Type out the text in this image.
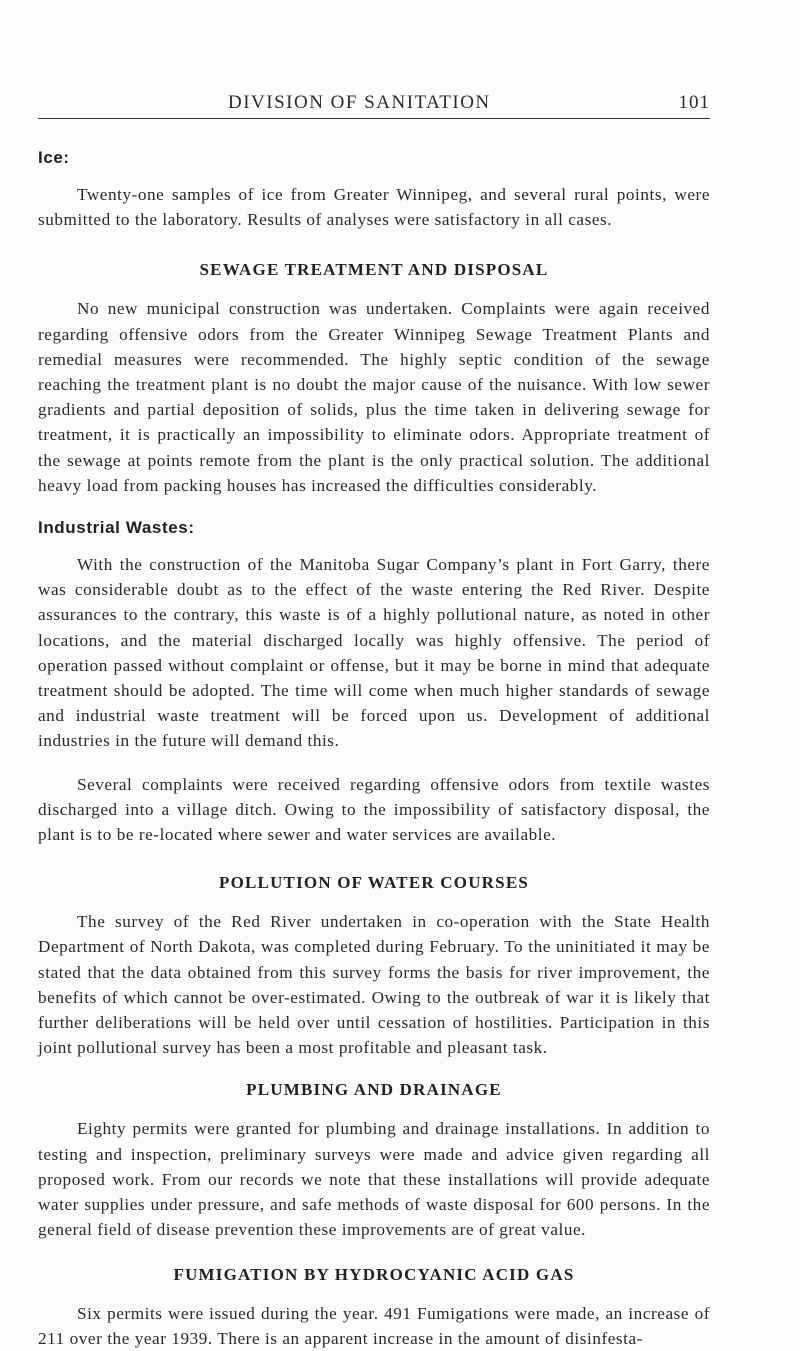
DIVISION OF SANITATION	101
Ice:

Twenty-one samples of ice from Greater Winnipeg, and several rural points, were submitted to the laboratory. Results of analyses were satisfactory in all cases.

SEWAGE TREATMENT AND DISPOSAL

No new municipal construction was undertaken. Complaints were again received regarding offensive odors from the Greater Winnipeg Sewage Treatment Plants and remedial measures were recommended. The highly septic condition of the sewage reaching the treatment plant is no doubt the major cause of the nuisance. With low sewer gradients and partial deposition of solids, plus the time taken in delivering sewage for treatment, it is practically an impossibility to eliminate odors. Appropriate treatment of the sewage at points remote from the plant is the only practical solution. The additional heavy load from packing houses has increased the difficulties considerably.

Industrial Wastes:

With the construction of the Manitoba Sugar Company’s plant in Fort Garry, there was considerable doubt as to the effect of the waste entering the Red River. Despite assurances to the contrary, this waste is of a highly pollutional nature, as noted in other locations, and the material discharged locally was highly offensive. The period of operation passed without complaint or offense, but it may be borne in mind that adequate treatment should be adopted. The time will come when much higher standards of sewage and industrial waste treatment will be forced upon us. Development of additional industries in the future will demand this.

Several complaints were received regarding offensive odors from textile wastes discharged into a village ditch. Owing to the impossibility of satisfactory disposal, the plant is to be re-located where sewer and water services are available.

POLLUTION OF WATER COURSES

The survey of the Red River undertaken in co-operation with the State Health Department of North Dakota, was completed during February. To the uninitiated it may be stated that the data obtained from this survey forms the basis for river improvement, the benefits of which cannot be over-estimated. Owing to the outbreak of war it is likely that further deliberations will be held over until cessation of hostilities. Participation in this joint pollutional survey has been a most profitable and pleasant task.

PLUMBING AND DRAINAGE

Eighty permits were granted for plumbing and drainage installations. In addition to testing and inspection, preliminary surveys were made and advice given regarding all proposed work. From our records we note that these installations will provide adequate water supplies under pressure, and safe methods of waste disposal for 600 persons. In the general field of disease prevention these improvements are of great value.

FUMIGATION BY HYDROCYANIC ACID GAS

Six permits were issued during the year. 491 Fumigations were made, an increase of 211 over the year 1939. There is an apparent increase in the amount of disinfesta-
